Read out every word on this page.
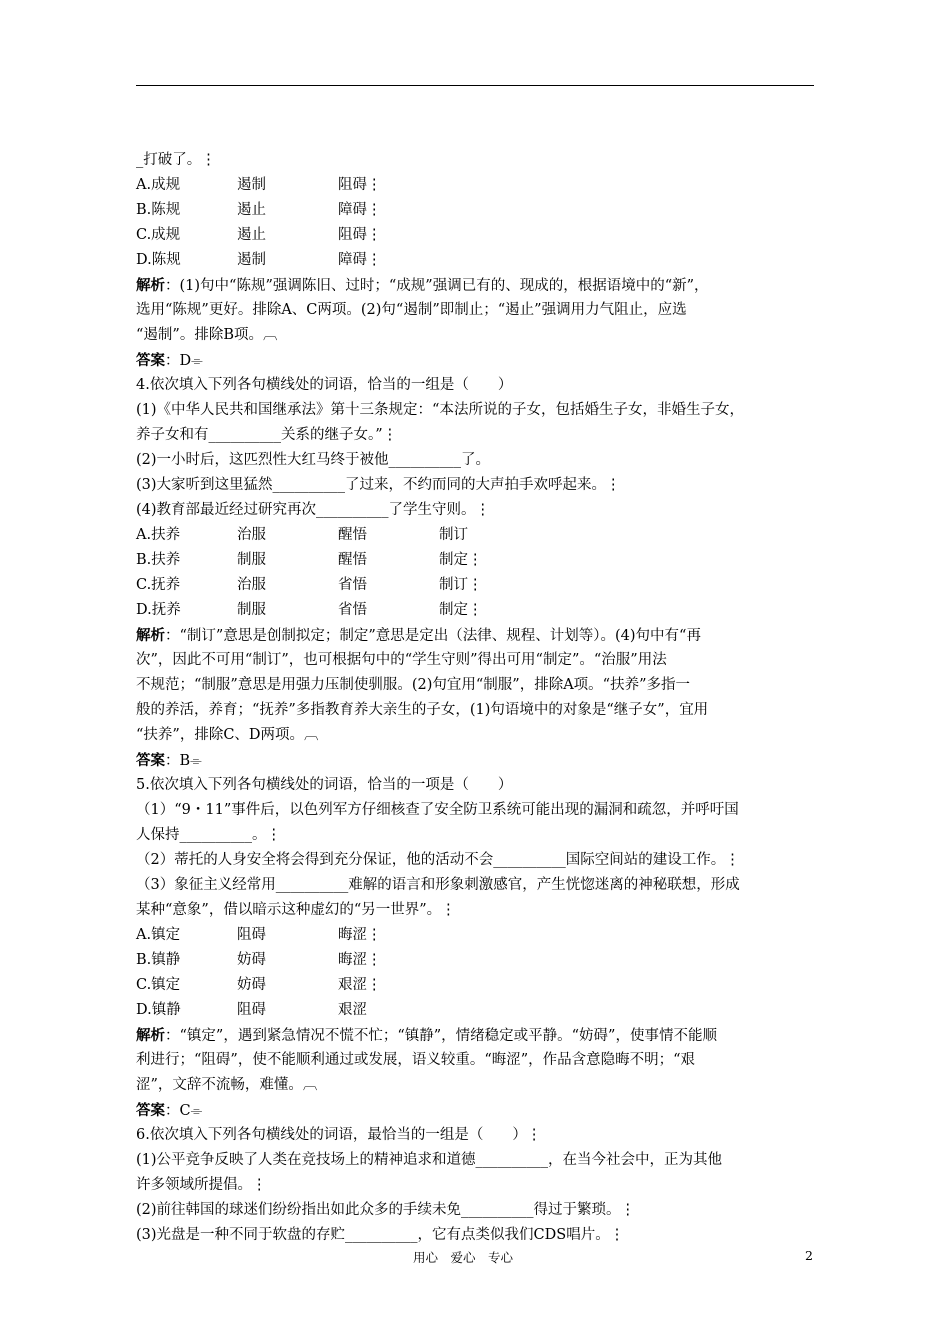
_打破了。⋮
A.成规	遏制	阻碍⋮
B.陈规	遏止	障碍⋮
C.成规	遏止	阻碍⋮
D.陈规	遏制	障碍⋮
解析：(1)句中“陈规”强调陈旧、过时；“成规”强调已有的、现成的，根据语境中的“新”，
选用“陈规”更好。排除A、C两项。(2)句“遏制”即制止；“遏止”强调用力气阻止，应选
“遏制”。排除B项。︹
答案：D⌯
4.依次填入下列各句横线处的词语，恰当的一组是（　　）
(1)《中华人民共和国继承法》第十三条规定：“本法所说的子女，包括婚生子女，非婚生子女，
养子女和有__________关系的继子女。”⋮
(2)一小时后，这匹烈性大红马终于被他__________了。
(3)大家听到这里猛然__________了过来，不约而同的大声拍手欢呼起来。⋮
(4)教育部最近经过研究再次__________了学生守则。⋮
A.扶养	治服	醒悟	制订
B.扶养	制服	醒悟	制定⋮
C.抚养	治服	省悟	制订⋮
D.抚养	制服	省悟	制定⋮
解析：“制订”意思是创制拟定；制定”意思是定出（法律、规程、计划等）。(4)句中有“再
次”，因此不可用“制订”，也可根据句中的“学生守则”得出可用“制定”。“治服”用法
不规范；“制服”意思是用强力压制使驯服。(2)句宜用“制服”，排除A项。“扶养”多指一
般的养活，养育；“抚养”多指教育养大亲生的子女，(1)句语境中的对象是“继子女”，宜用
“扶养”，排除C、D两项。︹
答案：B⌯
5.依次填入下列各句横线处的词语，恰当的一项是（　　）
（1）“9・11”事件后，以色列军方仔细核查了安全防卫系统可能出现的漏洞和疏忽，并呼吁国
人保持__________。⋮
（2）蒂托的人身安全将会得到充分保证，他的活动不会__________国际空间站的建设工作。⋮
（3）象征主义经常用__________难解的语言和形象刺激感官，产生恍惚迷离的神秘联想，形成
某种“意象”，借以暗示这种虚幻的“另一世界”。⋮
A.镇定	阻碍	晦涩⋮
B.镇静	妨碍	晦涩⋮
C.镇定	妨碍	艰涩⋮
D.镇静	阻碍	艰涩
解析：“镇定”，遇到紧急情况不慌不忙；“镇静”，情绪稳定或平静。“妨碍”，使事情不能顺
利进行；“阻碍”，使不能顺利通过或发展，语义较重。“晦涩”，作品含意隐晦不明；“艰
涩”，文辞不流畅，难懂。︹
答案：C⌯
6.依次填入下列各句横线处的词语，最恰当的一组是（　　）⋮
(1)公平竞争反映了人类在竞技场上的精神追求和道德__________，在当今社会中，正为其他
许多领域所提倡。⋮
(2)前往韩国的球迷们纷纷指出如此众多的手续未免__________得过于繁琐。⋮
(3)光盘是一种不同于软盘的存贮__________，它有点类似我们CDS唱片。⋮
用心　爱心　专心	2
